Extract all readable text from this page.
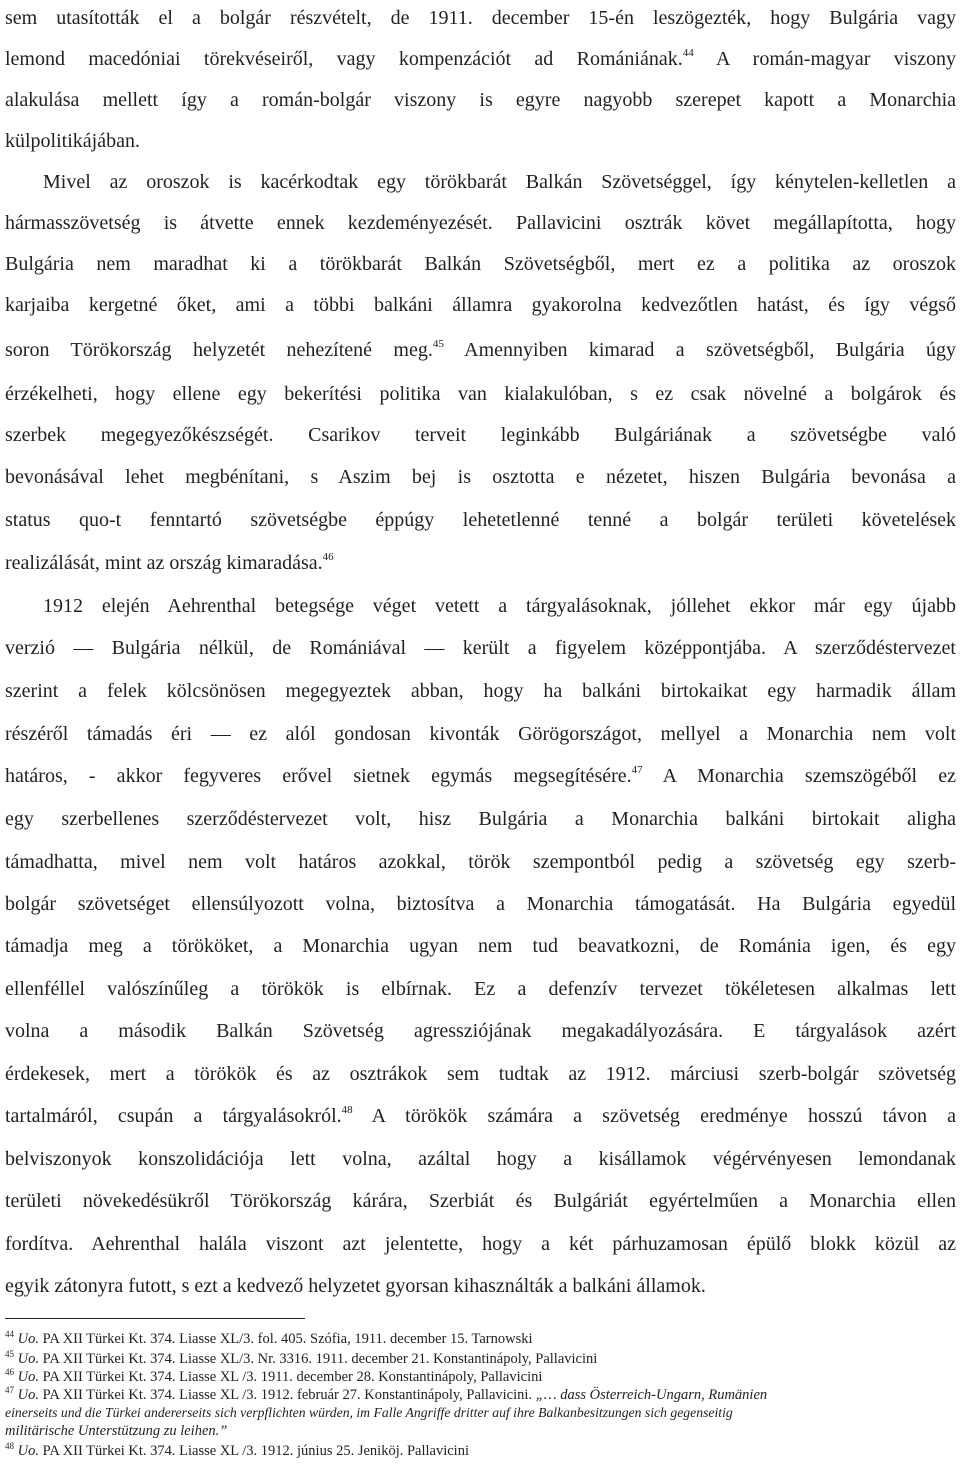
sem utasították el a bolgár részvételt, de 1911. december 15-én leszögezték, hogy Bulgária vagy
lemond macedóniai törekvéseiről, vagy kompenzációt ad Romániának.$^{44}$ A román-magyar viszony
alakulása mellett így a román-bolgár viszony is egyre nagyobb szerepet kapott a Monarchia
külpolitikájában.
Mivel az oroszok is kacérkodtak egy törökbarát Balkán Szövetséggel, így kénytelen-kelletlen a
hármasszövetség is átvette ennek kezdeményezését. Pallavicini osztrák követ megállapította, hogy
Bulgária nem maradhat ki a törökbarát Balkán Szövetségből, mert ez a politika az oroszok
karjaiba kergetné őket, ami a többi balkáni államra gyakorolna kedvezőtlen hatást, és így végső
soron Törökország helyzetét nehezítené meg.$^{45}$ Amennyiben kimarad a szövetségből, Bulgária úgy
érzékelheti, hogy ellene egy bekerítési politika van kialakulóban, s ez csak növelné a bolgárok és
szerbek megegyezőkészségét. Csarikov terveit leginkább Bulgáriának a szövetségbe való
bevonásával lehet megbénítani, s Aszim bej is osztotta e nézetet, hiszen Bulgária bevonása a
status quo-t fenntartó szövetségbe éppúgy lehetetlenné tenné a bolgár területi követelések
realizálását, mint az ország kimaradása.$^{46}$
1912 elején Aehrenthal betegsége véget vetett a tárgyalásoknak, jóllehet ekkor már egy újabb
verzió — Bulgária nélkül, de Romániával — került a figyelem középpontjába. A szerződéstervezet
szerint a felek kölcsönösen megegyeztek abban, hogy ha balkáni birtokaikat egy harmadik állam
részéről támadás éri — ez alól gondosan kivonták Görögországot, mellyel a Monarchia nem volt
határos, - akkor fegyveres erővel sietnek egymás megsegítésére.$^{47}$ A Monarchia szemszögéből ez
egy szerbellenes szerződéstervezet volt, hisz Bulgária a Monarchia balkáni birtokait aligha
támadhatta, mivel nem volt határos azokkal, török szempontból pedig a szövetség egy szerb-
bolgár szövetséget ellensúlyozott volna, biztosítva a Monarchia támogatását. Ha Bulgária egyedül
támadja meg a törököket, a Monarchia ugyan nem tud beavatkozni, de Románia igen, és egy
ellenféllel valószínűleg a törökök is elbírnak. Ez a defenzív tervezet tökéletesen alkalmas lett
volna a második Balkán Szövetség agressziójának megakadályozására. E tárgyalások azért
érdekesek, mert a törökök és az osztrákok sem tudtak az 1912. márciusi szerb-bolgár szövetség
tartalmáról, csupán a tárgyalásokról.$^{48}$ A törökök számára a szövetség eredménye hosszú távon a
belviszonyok konszolidációja lett volna, azáltal hogy a kisállamok végérvényesen lemondanak
területi növekedésükről Törökország kárára, Szerbiát és Bulgáriát egyértelműen a Monarchia ellen
fordítva. Aehrenthal halála viszont azt jelentette, hogy a két párhuzamosan épülő blokk közül az
egyik zátonyra futott, s ezt a kedvező helyzetet gyorsan kihasználták a balkáni államok.
$^{44}$ Uo. PA XII Türkei Kt. 374. Liasse XL/3. fol. 405. Szófia, 1911. december 15. Tarnowski
$^{45}$ Uo. PA XII Türkei Kt. 374. Liasse XL/3. Nr. 3316. 1911. december 21. Konstantinápoly, Pallavicini
$^{46}$ Uo. PA XII Türkei Kt. 374. Liasse XL /3. 1911. december 28. Konstantinápoly, Pallavicini
$^{47}$ Uo. PA XII Türkei Kt. 374. Liasse XL /3. 1912. február 27. Konstantinápoly, Pallavicini. „… dass Österreich-Ungarn, Rumänien
einerseits und die Türkei andererseits sich verpflichten würden, im Falle Angriffe dritter auf ihre Balkanbesitzungen sich gegenseitig
militärische Unterstützung zu leihen.”
$^{48}$ Uo. PA XII Türkei Kt. 374. Liasse XL /3. 1912. június 25. Jeniköj. Pallavicini
